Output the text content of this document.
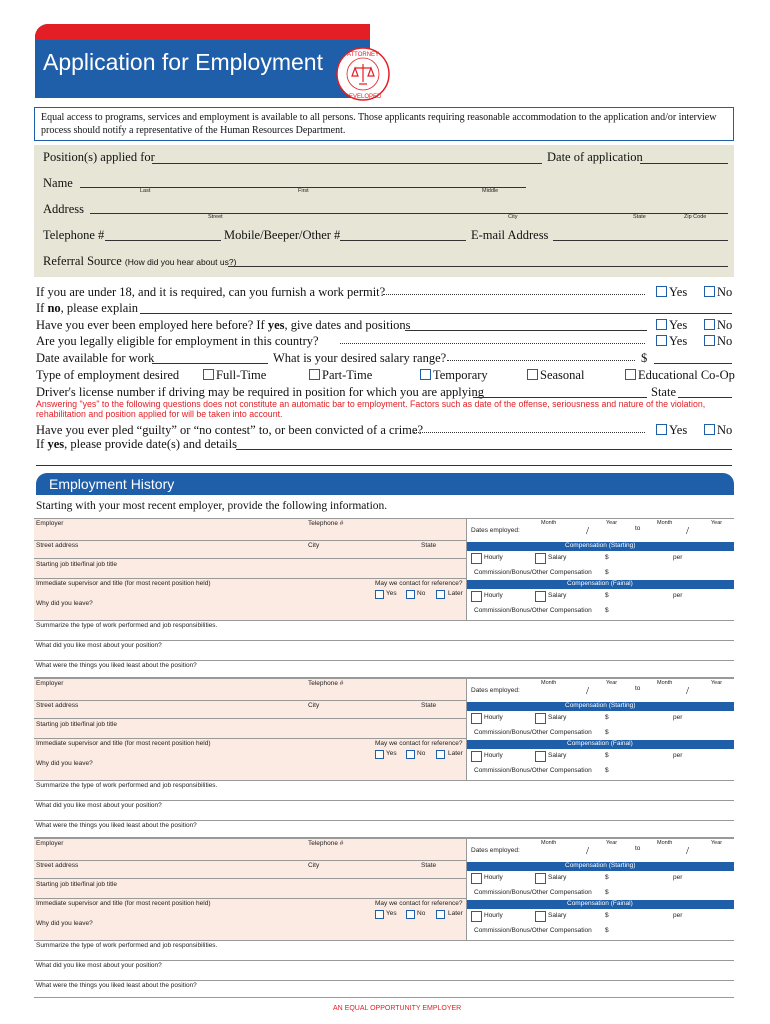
Application for Employment	ATTORNEY
DEVELOPED
Equal access to programs, services and employment is available to all persons. Those applicants requiring reasonable accommodation to the application and/or interview process should notify a representative of the Human Resources Department.
Position(s) applied for	Date of application
Name
Last	First	Middle
Address
Street	City	State	Zip Code
Telephone #	Mobile/Beeper/Other #	E-mail Address
Referral Source (How did you hear about us?)
If you are under 18, and it is required, can you furnish a work permit?	Yes No
If no, please explain
Have you ever been employed here before? If yes, give dates and positions	Yes No
Are you legally eligible for employment in this country?	Yes No
Date available for work	What is your desired salary range?	$
Type of employment desired	Full-Time	Part-Time	Temporary	Seasonal	Educational Co-Op
Driver's license number if driving may be required in position for which you are applying	State
Answering "yes" to the following questions does not constitute an automatic bar to employment. Factors such as date of the offense, seriousness and nature of the violation, rehabilitation and position applied for will be taken into account.
Have you ever pled “guilty” or “no contest” to, or been convicted of a crime?	Yes No
If yes, please provide date(s) and details
Employment History
Starting with your most recent employer, provide the following information.
Employer	Telephone #	Month	Year	Month	Year
Dates employed:	/	to	/
Street address	City	State
Starting job title/final job title
Immediate supervisor and title (for most recent position held)	May we contact for reference?
Yes	No	Later
Why did you leave?
Compensation (Starting)
Hourly	Salary	$	per
Commission/Bonus/Other Compensation $
Compensation (Fainal)
Hourly	Salary	$	per
Commission/Bonus/Other Compensation $
Summarize the type of work performed and job responsibilities.
What did you like most about your position?
What were the things you liked least about the position?
Employer	Telephone #	Month	Year	Month	Year
Dates employed:	/	to	/
Street address	City	State
Starting job title/final job title
Immediate supervisor and title (for most recent position held)	May we contact for reference?
Yes	No	Later
Why did you leave?
Compensation (Starting)
Hourly	Salary	$	per
Commission/Bonus/Other Compensation $
Compensation (Fainal)
Hourly	Salary	$	per
Commission/Bonus/Other Compensation $
Summarize the type of work performed and job responsibilities.
What did you like most about your position?
What were the things you liked least about the position?
Employer	Telephone #	Month	Year	Month	Year
Dates employed:	/	to	/
Street address	City	State
Starting job title/final job title
Immediate supervisor and title (for most recent position held)	May we contact for reference?
Yes	No	Later
Why did you leave?
Compensation (Starting)
Hourly	Salary	$	per
Commission/Bonus/Other Compensation $
Compensation (Fainal)
Hourly	Salary	$	per
Commission/Bonus/Other Compensation $
Summarize the type of work performed and job responsibilities.
What did you like most about your position?
What were the things you liked least about the position?
AN EQUAL OPPORTUNITY EMPLOYER
